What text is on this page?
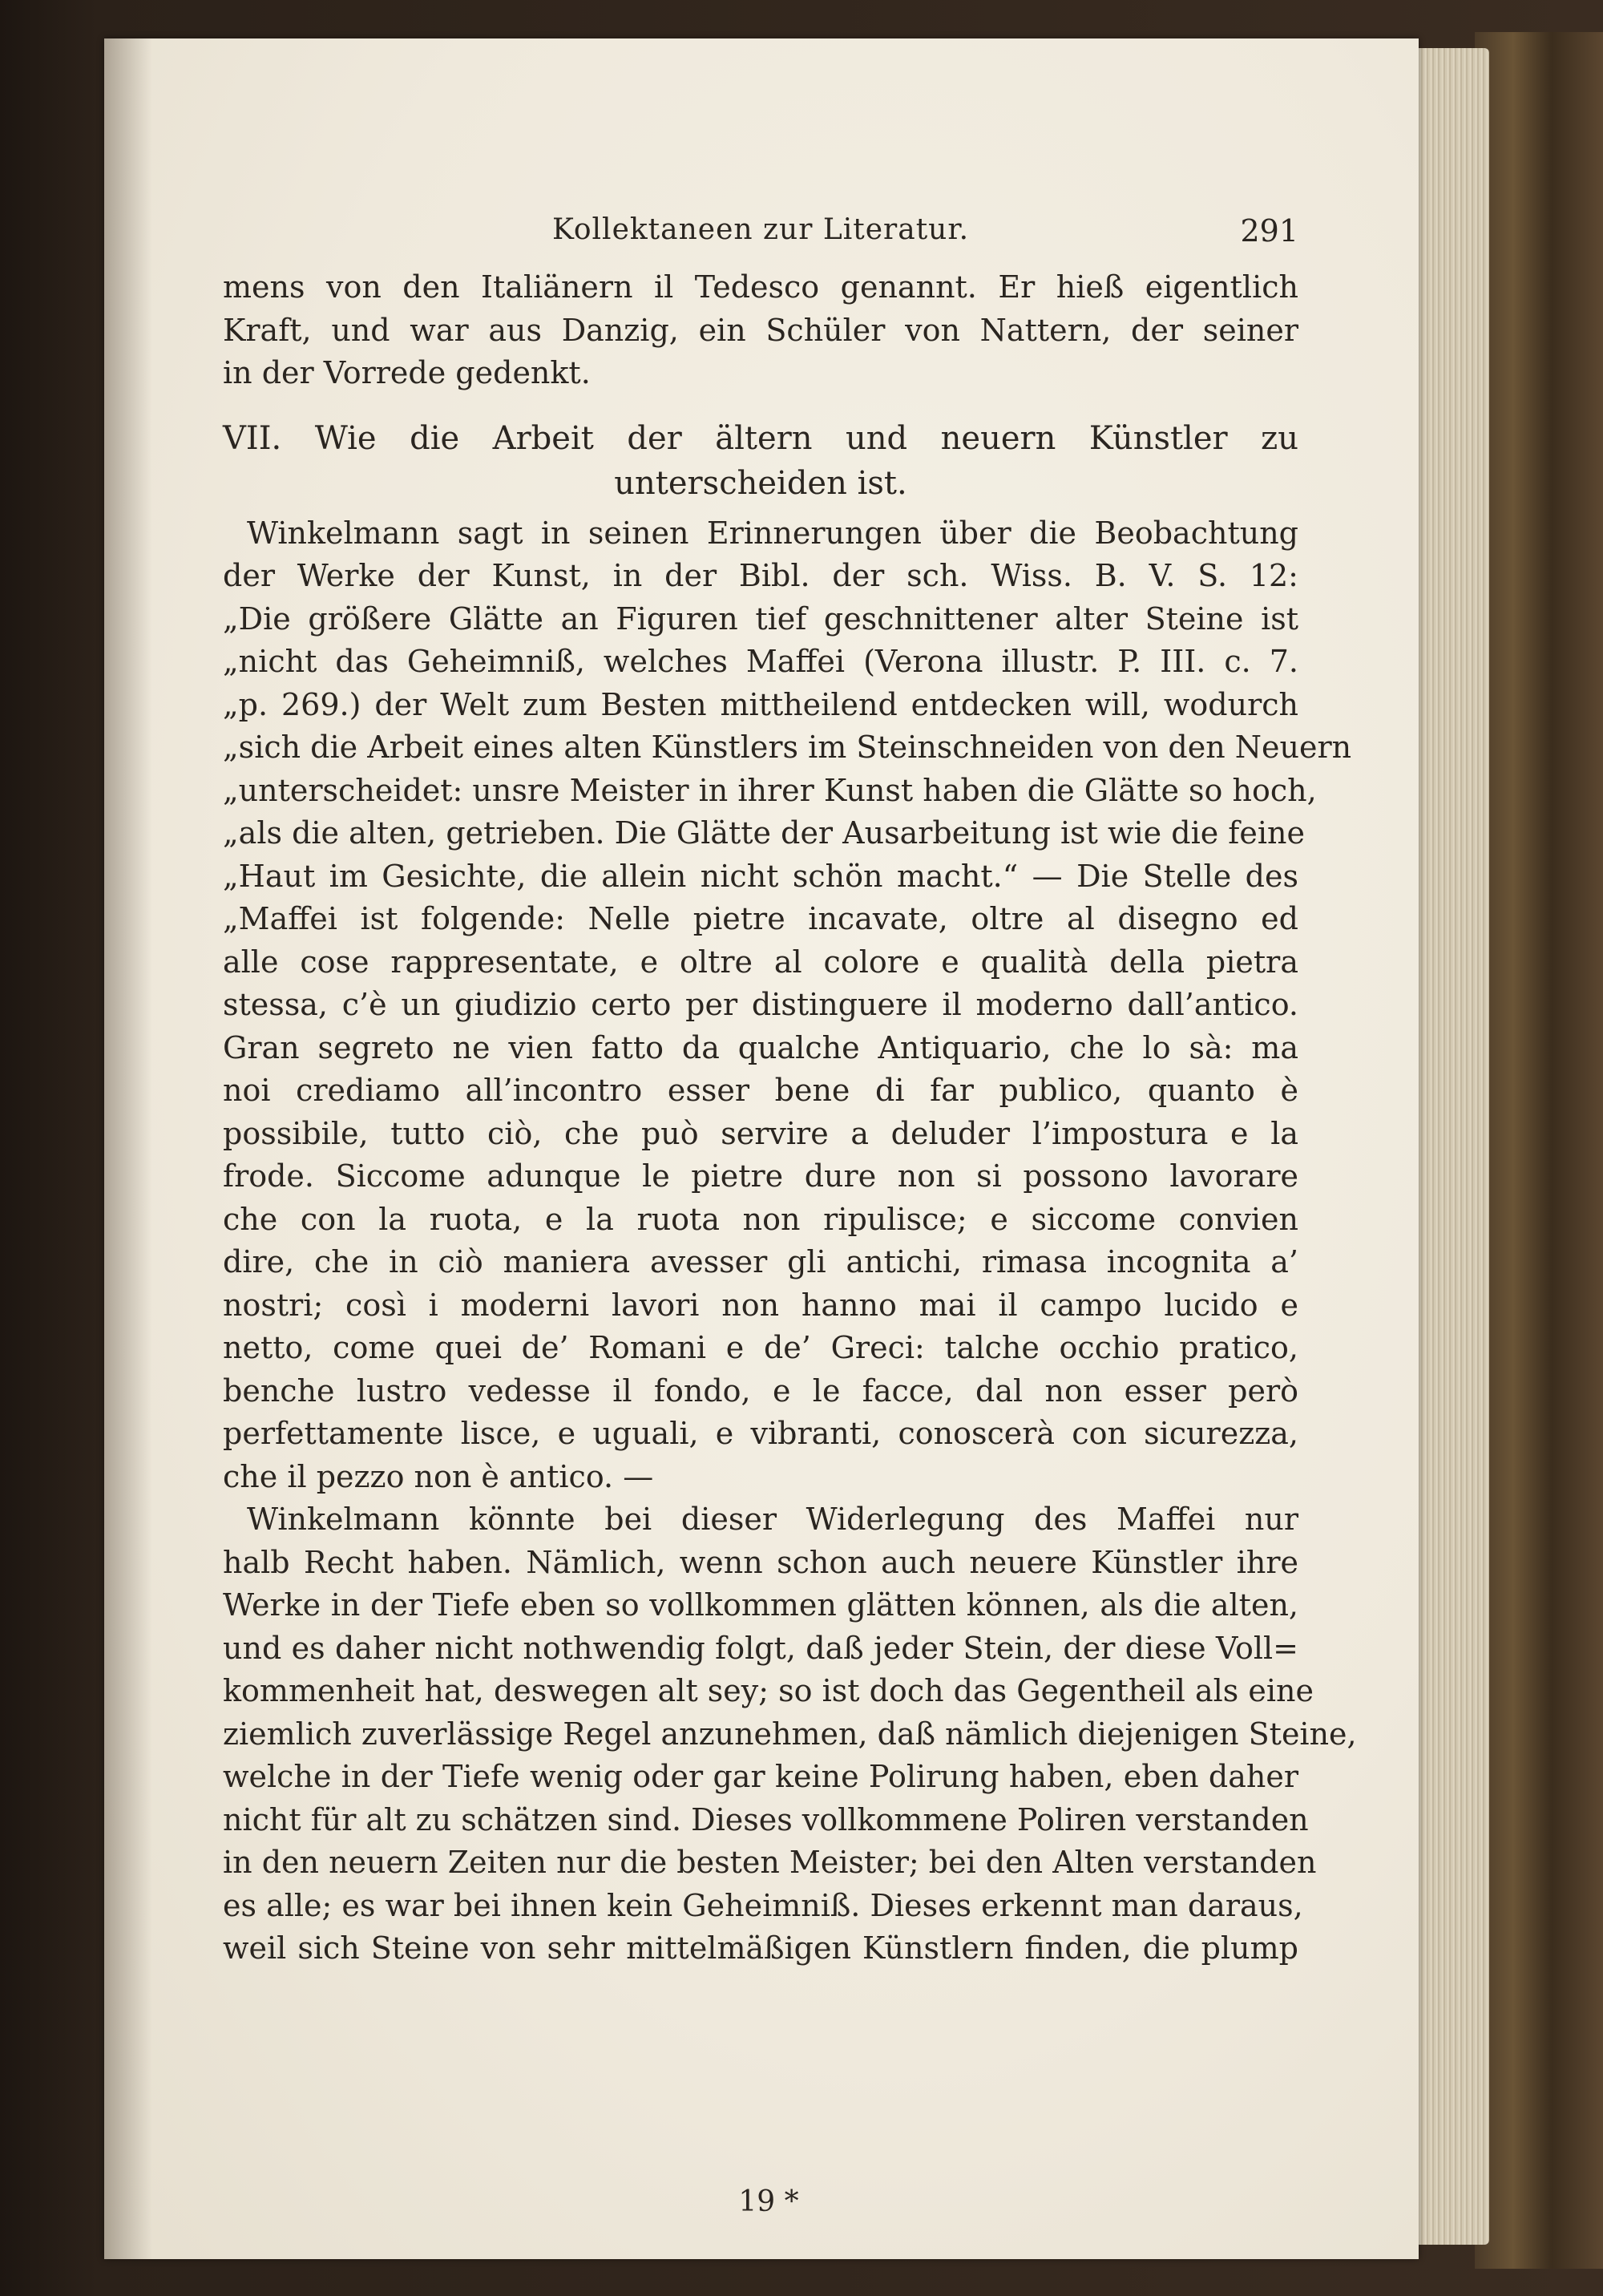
Kollektaneen zur Literatur.	291
mens von den Italiänern il Tedesco genannt. Er hieß eigentlich
Kraft, und war aus Danzig, ein Schüler von Nattern, der seiner
in der Vorrede gedenkt.
VII. Wie die Arbeit der ältern und neuern Künstler zu
unterscheiden ist.
Winkelmann sagt in seinen Erinnerungen über die Beobachtung
der Werke der Kunst, in der Bibl. der sch. Wiss. B. V. S. 12:
„Die größere Glätte an Figuren tief geschnittener alter Steine ist
„nicht das Geheimniß, welches Maffei (Verona illustr. P. III. c. 7.
„p. 269.) der Welt zum Besten mittheilend entdecken will, wodurch
„sich die Arbeit eines alten Künstlers im Steinschneiden von den Neuern
„unterscheidet: unsre Meister in ihrer Kunst haben die Glätte so hoch,
„als die alten, getrieben. Die Glätte der Ausarbeitung ist wie die feine
„Haut im Gesichte, die allein nicht schön macht.“ — Die Stelle des
„Maffei ist folgende: Nelle pietre incavate, oltre al disegno ed
alle cose rappresentate, e oltre al colore e qualità della pietra
stessa, c’è un giudizio certo per distinguere il moderno dall’antico.
Gran segreto ne vien fatto da qualche Antiquario, che lo sà: ma
noi crediamo all’incontro esser bene di far publico, quanto è
possibile, tutto ciò, che può servire a deluder l’impostura e la
frode. Siccome adunque le pietre dure non si possono lavorare
che con la ruota, e la ruota non ripulisce; e siccome convien
dire, che in ciò maniera avesser gli antichi, rimasa incognita a’
nostri; così i moderni lavori non hanno mai il campo lucido e
netto, come quei de’ Romani e de’ Greci: talche occhio pratico,
benche lustro vedesse il fondo, e le facce, dal non esser però
perfettamente lisce, e uguali, e vibranti, conoscerà con sicurezza,
che il pezzo non è antico. —
Winkelmann könnte bei dieser Widerlegung des Maffei nur
halb Recht haben. Nämlich, wenn schon auch neuere Künstler ihre
Werke in der Tiefe eben so vollkommen glätten können, als die alten,
und es daher nicht nothwendig folgt, daß jeder Stein, der diese Voll=
kommenheit hat, deswegen alt sey; so ist doch das Gegentheil als eine
ziemlich zuverlässige Regel anzunehmen, daß nämlich diejenigen Steine,
welche in der Tiefe wenig oder gar keine Polirung haben, eben daher
nicht für alt zu schätzen sind. Dieses vollkommene Poliren verstanden
in den neuern Zeiten nur die besten Meister; bei den Alten verstanden
es alle; es war bei ihnen kein Geheimniß. Dieses erkennt man daraus,
weil sich Steine von sehr mittelmäßigen Künstlern finden, die plump
19 *
